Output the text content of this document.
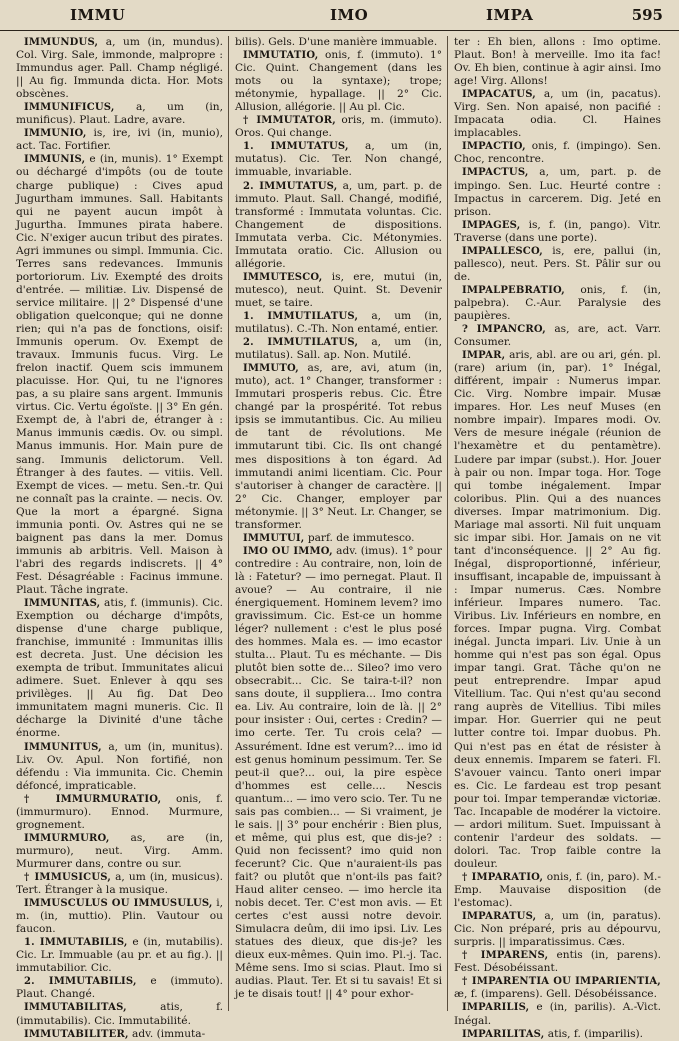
IMMU	IMO	IMPA	595

IMMUNDUS, a, um (in, mundus). Col. Virg. Sale, immonde, malpropre : Immundus ager. Pall. Champ négligé. || Au fig. Immunda dicta. Hor. Mots obscènes.

IMMUNIFICUS, a, um (in, munificus). Plaut. Ladre, avare.

IMMUNIO, is, ire, ivi (in, munio), act. Tac. Fortifier.

IMMUNIS, e (in, munis). 1° Exempt ou déchargé d'impôts (ou de toute charge publique) : Cives apud Jugurtham immunes. Sall. Habitants qui ne payent aucun impôt à Jugurtha. Immunes pirata habere. Cic. N'exiger aucun tribut des pirates. Agri immunes ou simpl. Immunia. Cic. Terres sans redevances. Immunis portoriorum. Liv. Exempté des droits d'entrée. — militiæ. Liv. Dispensé de service militaire. || 2° Dispensé d'une obligation quelconque; qui ne donne rien; qui n'a pas de fonctions, oisif: Immunis operum. Ov. Exempt de travaux. Immunis fucus. Virg. Le frelon inactif. Quem scis immunem placuisse. Hor. Qui, tu ne l'ignores pas, a su plaire sans argent. Immunis virtus. Cic. Vertu égoïste. || 3° En gén. Exempt de, à l'abri de, étranger à : Manus immunis cædis. Ov. ou simpl. Manus immunis. Hor. Main pure de sang. Immunis delictorum. Vell. Étranger à des fautes. — vitiis. Vell. Exempt de vices. — metu. Sen.-tr. Qui ne connaît pas la crainte. — necis. Ov. Que la mort a épargné. Signa immunia ponti. Ov. Astres qui ne se baignent pas dans la mer. Domus immunis ab arbitris. Vell. Maison à l'abri des regards indiscrets. || 4° Fest. Désagréable : Facinus immune. Plaut. Tâche ingrate.

IMMUNITAS, atis, f. (immunis). Cic. Exemption ou décharge d'impôts, dispense d'une charge publique, franchise, immunité : Immunitas illis est decreta. Just. Une décision les exempta de tribut. Immunitates alicui adimere. Suet. Enlever à qqu ses privilèges. || Au fig. Dat Deo immunitatem magni muneris. Cic. Il décharge la Divinité d'une tâche énorme.

IMMUNITUS, a, um (in, munitus). Liv. Ov. Apul. Non fortifié, non défendu : Via immunita. Cic. Chemin défoncé, impraticable.

† IMMURMURATIO, onis, f. (immurmuro). Ennod. Murmure, grognement.

IMMURMURO, as, are (in, murmuro), neut. Virg. Amm. Murmurer dans, contre ou sur.

† IMMUSICUS, a, um (in, musicus). Tert. Étranger à la musique.

IMMUSCULUS OU IMMUSULUS, i, m. (in, muttio). Plin. Vautour ou faucon.

1. IMMUTABILIS, e (in, mutabilis). Cic. Lr. Immuable (au pr. et au fig.). || immutabilior. Cic.

2. IMMUTABILIS, e (immuto). Plaut. Changé.

IMMUTABILITAS, atis, f. (immutabilis). Cic. Immutabilité.

IMMUTABILITER, adv. (immuta-

bilis). Gels. D'une manière immuable.

IMMUTATIO, onis, f. (immuto). 1° Cic. Quint. Changement (dans les mots ou la syntaxe); trope; métonymie, hypallage. || 2° Cic. Allusion, allégorie. || Au pl. Cic.

† IMMUTATOR, oris, m. (immuto). Oros. Qui change.

1. IMMUTATUS, a, um (in, mutatus). Cic. Ter. Non changé, immuable, invariable.

2. IMMUTATUS, a, um, part. p. de immuto. Plaut. Sall. Changé, modifié, transformé : Immutata voluntas. Cic. Changement de dispositions. Immutata verba. Cic. Métonymies. Immutata oratio. Cic. Allusion ou allégorie.

IMMUTESCO, is, ere, mutui (in, mutesco), neut. Quint. St. Devenir muet, se taire.

1. IMMUTILATUS, a, um (in, mutilatus). C.-Th. Non entamé, entier.

2. IMMUTILATUS, a, um (in, mutilatus). Sall. ap. Non. Mutilé.

IMMUTO, as, are, avi, atum (in, muto), act. 1° Changer, transformer : Immutari prosperis rebus. Cic. Être changé par la prospérité. Tot rebus ipsis se immutantibus. Cic. Au milieu de tant de révolutions. Me immutarunt tibi. Cic. Ils ont changé mes dispositions à ton égard. Ad immutandi animi licentiam. Cic. Pour s'autoriser à changer de caractère. || 2° Cic. Changer, employer par métonymie. || 3° Neut. Lr. Changer, se transformer.

IMMUTUI, parf. de immutesco.

IMO OU IMMO, adv. (imus). 1° pour contredire : Au contraire, non, loin de là : Fatetur? — imo pernegat. Plaut. Il avoue? — Au contraire, il nie énergiquement. Hominem levem? imo gravissimum. Cic. Est-ce un homme léger? nullement : c'est le plus posé des hommes. Mala es. — imo ecastor stulta... Plaut. Tu es méchante. — Dis plutôt bien sotte de... Sileo? imo vero obsecrabit... Cic. Se taira-t-il? non sans doute, il suppliera... Imo contra ea. Liv. Au contraire, loin de là. || 2° pour insister : Oui, certes : Credin? — imo certe. Ter. Tu crois cela? — Assurément. Idne est verum?... imo id est genus hominum pessimum. Ter. Se peut-il que?... oui, la pire espèce d'hommes est celle.... Nescis quantum... — imo vero scio. Ter. Tu ne sais pas combien... — Si vraiment, je le sais. || 3° pour enchérir : Bien plus, et même, qui plus est, que dis-je? : Quid non fecissent? imo quid non fecerunt? Cic. Que n'auraient-ils pas fait? ou plutôt que n'ont-ils pas fait? Haud aliter censeo. — imo hercle ita nobis decet. Ter. C'est mon avis. — Et certes c'est aussi notre devoir. Simulacra deûm, dii imo ipsi. Liv. Les statues des dieux, que dis-je? les dieux eux-mêmes. Quin imo. Pl.-j. Tac. Même sens. Imo si scias. Plaut. Imo si audias. Plaut. Ter. Et si tu savais! Et si je te disais tout! || 4° pour exhor-

ter : Eh bien, allons : Imo optime. Plaut. Bon! à merveille. Imo ita fac! Ov. Eh bien, continue à agir ainsi. Imo age! Virg. Allons!

IMPACATUS, a, um (in, pacatus). Virg. Sen. Non apaisé, non pacifié : Impacata odia. Cl. Haines implacables.

IMPACTIO, onis, f. (impingo). Sen. Choc, rencontre.

IMPACTUS, a, um, part. p. de impingo. Sen. Luc. Heurté contre : Impactus in carcerem. Dig. Jeté en prison.

IMPAGES, is, f. (in, pango). Vitr. Traverse (dans une porte).

IMPALLESCO, is, ere, pallui (in, pallesco), neut. Pers. St. Pâlir sur ou de.

IMPALPEBRATIO, onis, f. (in, palpebra). C.-Aur. Paralysie des paupières.

? IMPANCRO, as, are, act. Varr. Consumer.

IMPAR, aris, abl. are ou ari, gén. pl. (rare) arium (in, par). 1° Inégal, différent, impair : Numerus impar. Cic. Virg. Nombre impair. Musæ impares. Hor. Les neuf Muses (en nombre impair). Impares modi. Ov. Vers de mesure inégale (réunion de l'hexamètre et du pentamètre). Ludere par impar (subst.). Hor. Jouer à pair ou non. Impar toga. Hor. Toge qui tombe inégalement. Impar coloribus. Plin. Qui a des nuances diverses. Impar matrimonium. Dig. Mariage mal assorti. Nil fuit unquam sic impar sibi. Hor. Jamais on ne vit tant d'inconséquence. || 2° Au fig. Inégal, disproportionné, inférieur, insuffisant, incapable de, impuissant à : Impar numerus. Cæs. Nombre inférieur. Impares numero. Tac. Viribus. Liv. Inférieurs en nombre, en forces. Impar pugna. Virg. Combat inégal. Juncta impari. Liv. Unie à un homme qui n'est pas son égal. Opus impar tangi. Grat. Tâche qu'on ne peut entreprendre. Impar apud Vitellium. Tac. Qui n'est qu'au second rang auprès de Vitellius. Tibi miles impar. Hor. Guerrier qui ne peut lutter contre toi. Impar duobus. Ph. Qui n'est pas en état de résister à deux ennemis. Imparem se fateri. Fl. S'avouer vaincu. Tanto oneri impar es. Cic. Le fardeau est trop pesant pour toi. Impar temperandæ victoriæ. Tac. Incapable de modérer la victoire. — ardori militum. Suet. Impuissant à contenir l'ardeur des soldats. — dolori. Tac. Trop faible contre la douleur.

† IMPARATIO, onis, f. (in, paro). M.-Emp. Mauvaise disposition (de l'estomac).

IMPARATUS, a, um (in, paratus). Cic. Non préparé, pris au dépourvu, surpris. || imparatissimus. Cæs.

† IMPARENS, entis (in, parens). Fest. Désobéissant.

† IMPARENTIA OU IMPARIENTIA, æ, f. (imparens). Gell. Désobéissance.

IMPARILIS, e (in, parilis). A.-Vict. Inégal.

IMPARILITAS, atis, f. (imparilis).
